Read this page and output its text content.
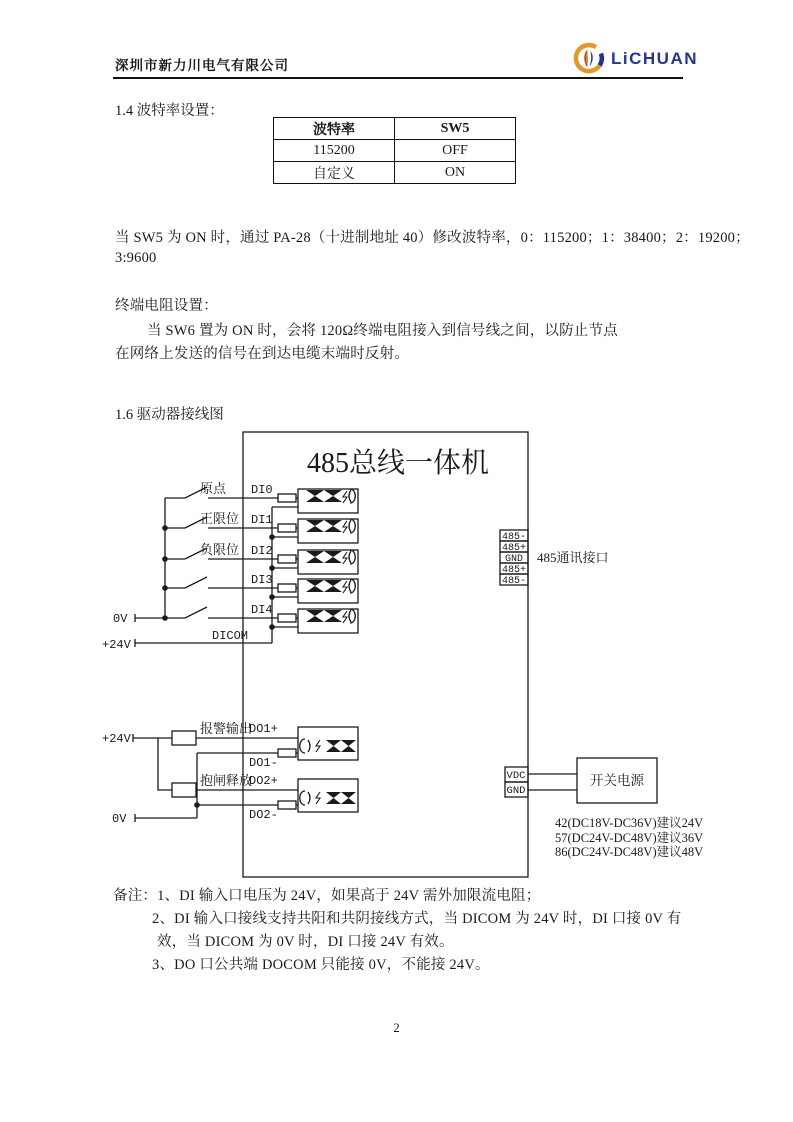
深圳市新力川电气有限公司	LiCHUAN
1.4 波特率设置：
波特率	SW5
115200	OFF
自定义	ON
当 SW5 为 ON 时，通过 PA-28（十进制地址 40）修改波特率，0：115200；1：38400；2：19200；
3:9600
终端电阻设置：
当 SW6 置为 ON 时，会将 120Ω终端电阻接入到信号线之间，以防止节点
在网络上发送的信号在到达电缆末端时反射。
1.6 驱动器接线图
485总线一体机
原点
正限位
负限位
DI0
DI1
DI2
DI3
DI4
DICOM
0V
+24V
+24V
0V
报警输出
DO1+
DO1-
抱闸释放
DO2+
DO2-
485-
485+
GND
485+
485-
485通讯接口
VDC
GND
开关电源
42(DC18V-DC36V)建议24V
57(DC24V-DC48V)建议36V
86(DC24V-DC48V)建议48V
备注：1、DI 输入口电压为 24V，如果高于 24V 需外加限流电阻；
2、DI 输入口接线支持共阳和共阴接线方式，当 DICOM 为 24V 时，DI 口接 0V 有
效，当 DICOM 为 0V 时，DI 口接 24V 有效。
3、DO 口公共端 DOCOM 只能接 0V，不能接 24V。
2
